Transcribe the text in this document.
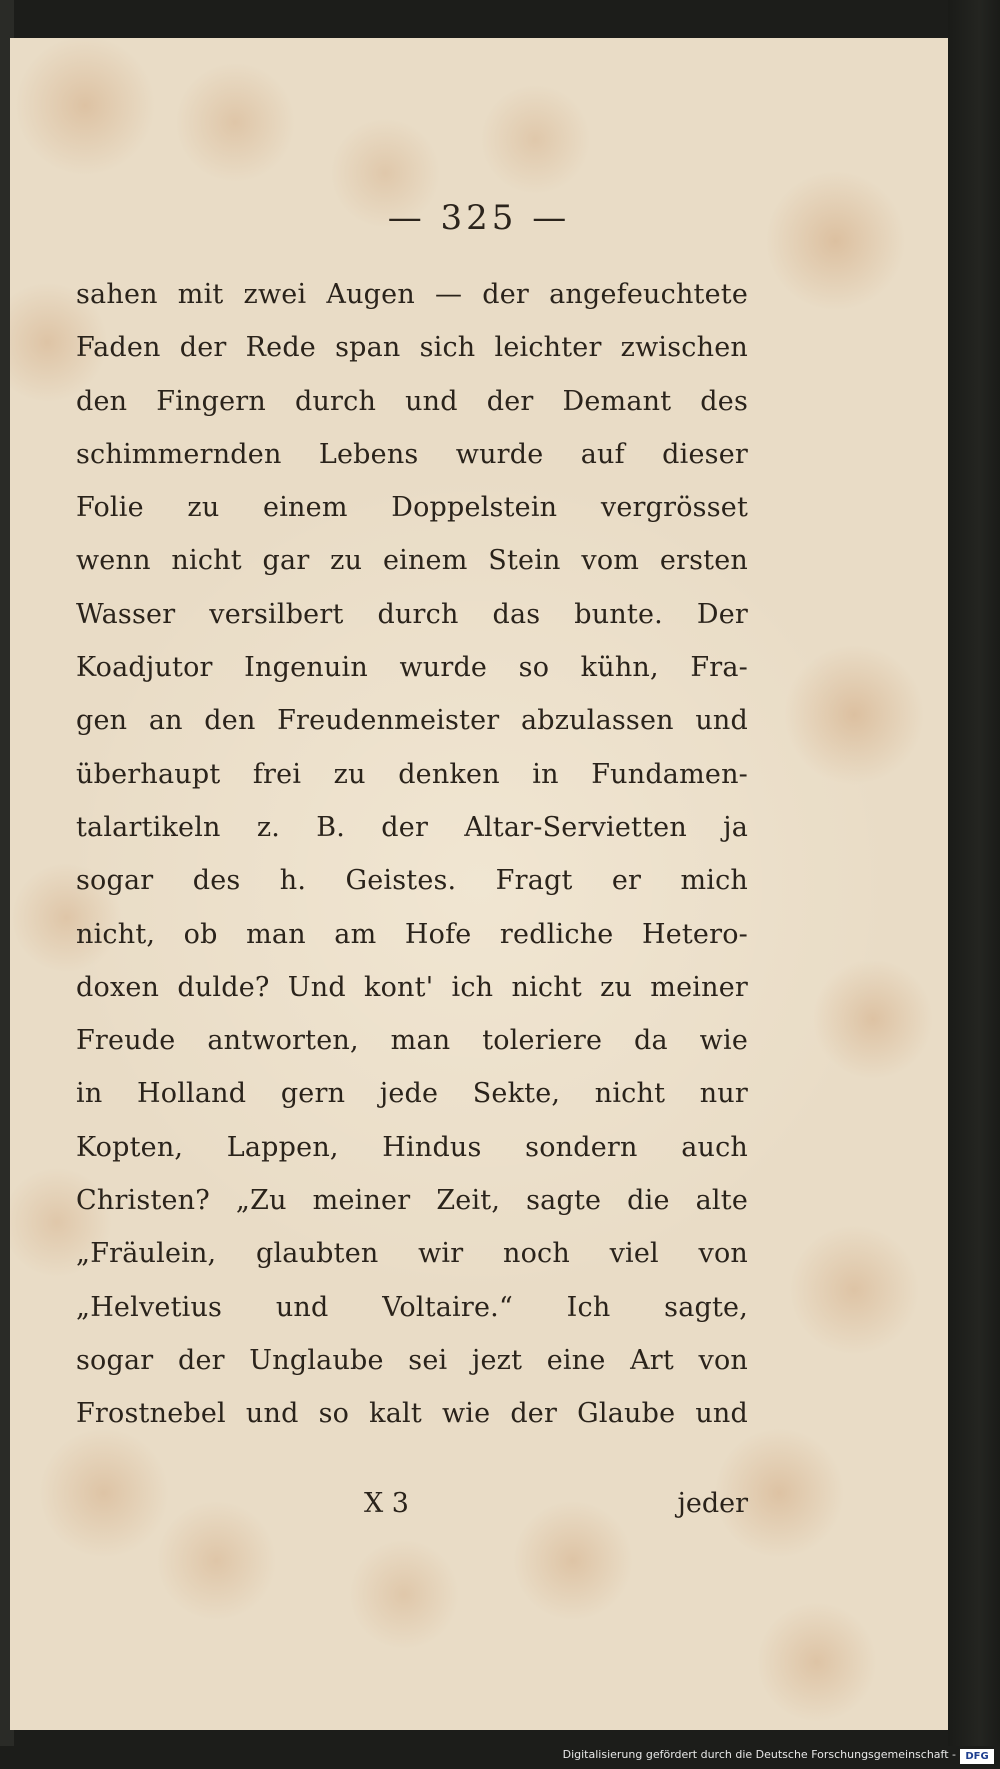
— 325 —
sahen mit zwei Augen — der angefeuchtete
Faden der Rede span sich leichter zwischen
den Fingern durch und der Demant des
schimmernden Lebens wurde auf dieser
Folie zu einem Doppelstein vergrösset
wenn nicht gar zu einem Stein vom ersten
Wasser versilbert durch das bunte. Der
Koadjutor Ingenuin wurde so kühn, Fra-
gen an den Freudenmeister abzulassen und
überhaupt frei zu denken in Fundamen-
talartikeln z. B. der Altar-Servietten ja
sogar des h. Geistes. Fragt er mich
nicht, ob man am Hofe redliche Hetero-
doxen dulde? Und kont' ich nicht zu meiner
Freude antworten, man toleriere da wie
in Holland gern jede Sekte, nicht nur
Kopten, Lappen, Hindus sondern auch
Christen? „Zu meiner Zeit, sagte die alte
„Fräulein, glaubten wir noch viel von
„Helvetius und Voltaire.“ Ich sagte,
sogar der Unglaube sei jezt eine Art von
Frostnebel und so kalt wie der Glaube und
X 3	jeder
Digitalisierung gefördert durch die Deutsche Forschungsgemeinschaft - DFG
